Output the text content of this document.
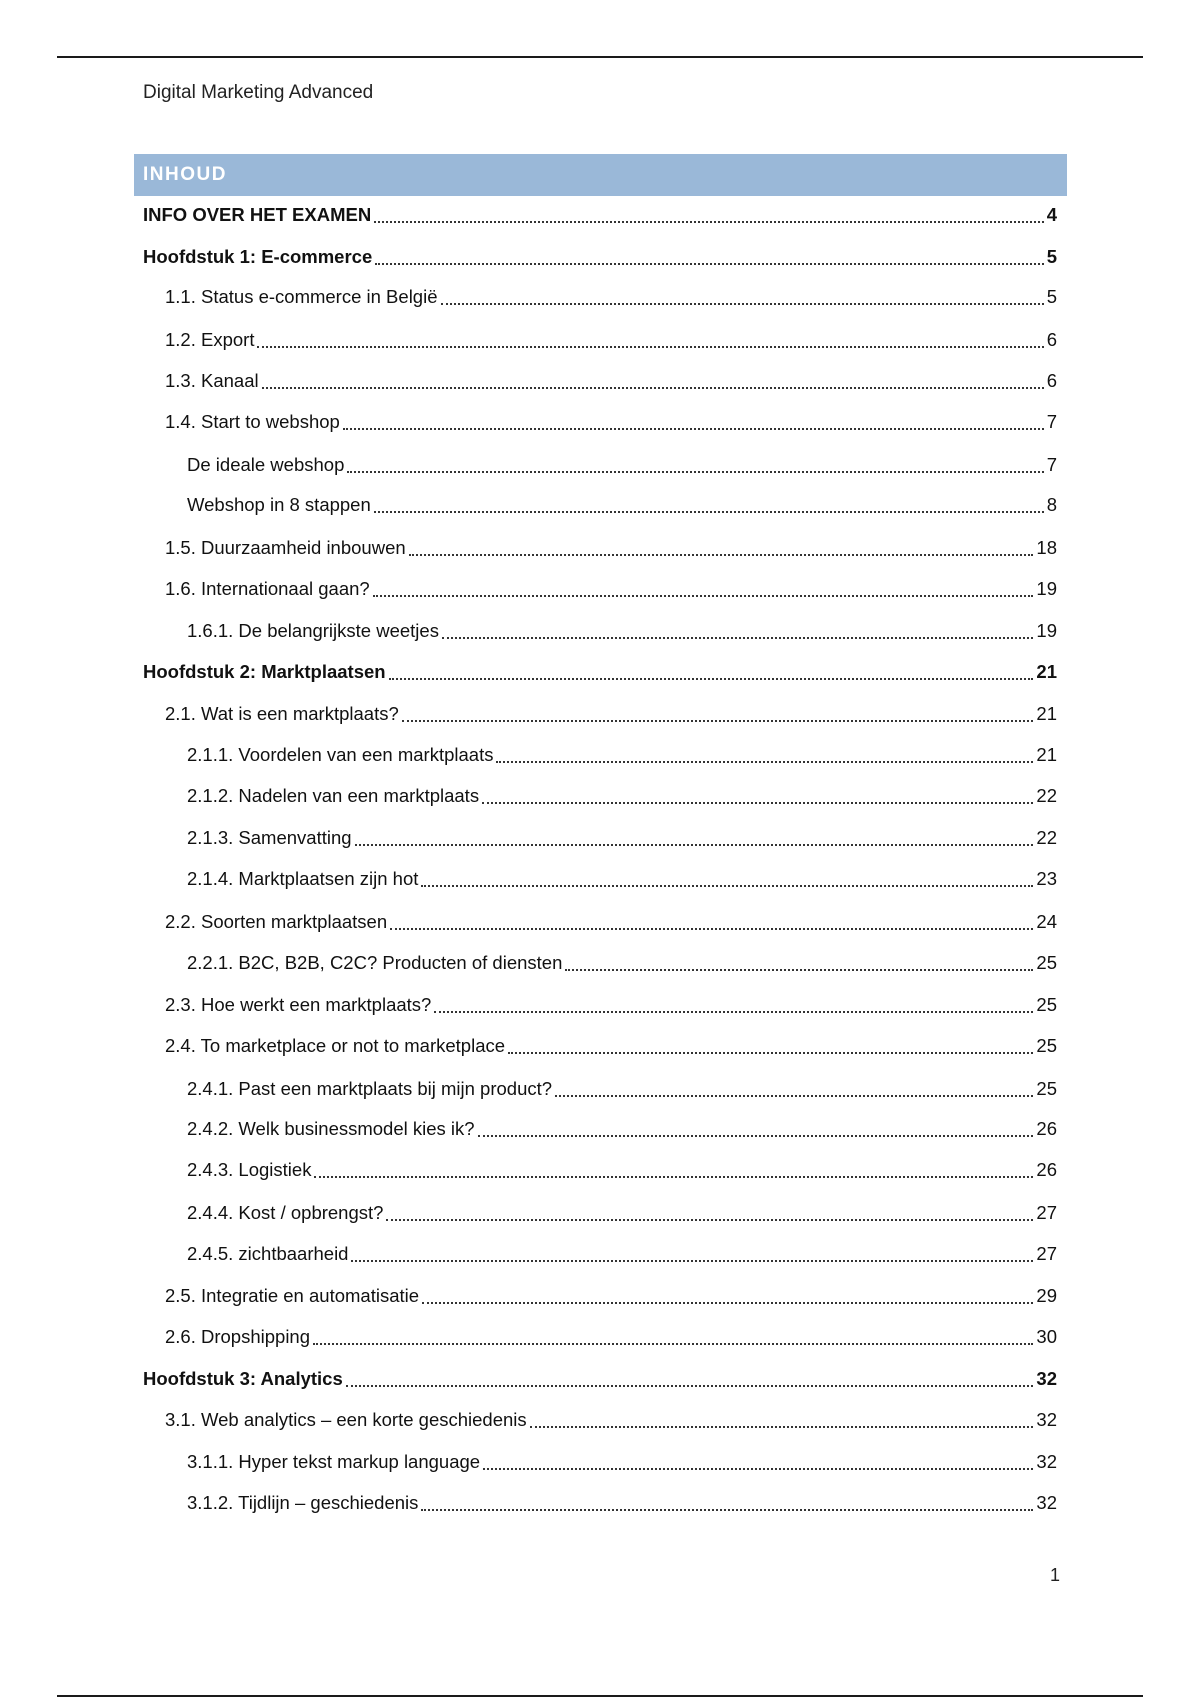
Digital Marketing Advanced
INHOUD
INFO OVER HET EXAMEN	4
Hoofdstuk 1: E-commerce	5
1.1. Status e-commerce in België	5
1.2. Export	6
1.3. Kanaal	6
1.4. Start to webshop	7
De ideale webshop	7
Webshop in 8 stappen	8
1.5. Duurzaamheid inbouwen	18
1.6. Internationaal gaan?	19
1.6.1. De belangrijkste weetjes	19
Hoofdstuk 2: Marktplaatsen	21
2.1. Wat is een marktplaats?	21
2.1.1. Voordelen van een marktplaats	21
2.1.2. Nadelen van een marktplaats	22
2.1.3. Samenvatting	22
2.1.4. Marktplaatsen zijn hot	23
2.2. Soorten marktplaatsen	24
2.2.1. B2C, B2B, C2C? Producten of diensten	25
2.3. Hoe werkt een marktplaats?	25
2.4. To marketplace or not to marketplace	25
2.4.1. Past een marktplaats bij mijn product?	25
2.4.2. Welk businessmodel kies ik?	26
2.4.3. Logistiek	26
2.4.4. Kost / opbrengst?	27
2.4.5. zichtbaarheid	27
2.5. Integratie en automatisatie	29
2.6. Dropshipping	30
Hoofdstuk 3: Analytics	32
3.1. Web analytics – een korte geschiedenis	32
3.1.1. Hyper tekst markup language	32
3.1.2. Tijdlijn – geschiedenis	32
1
